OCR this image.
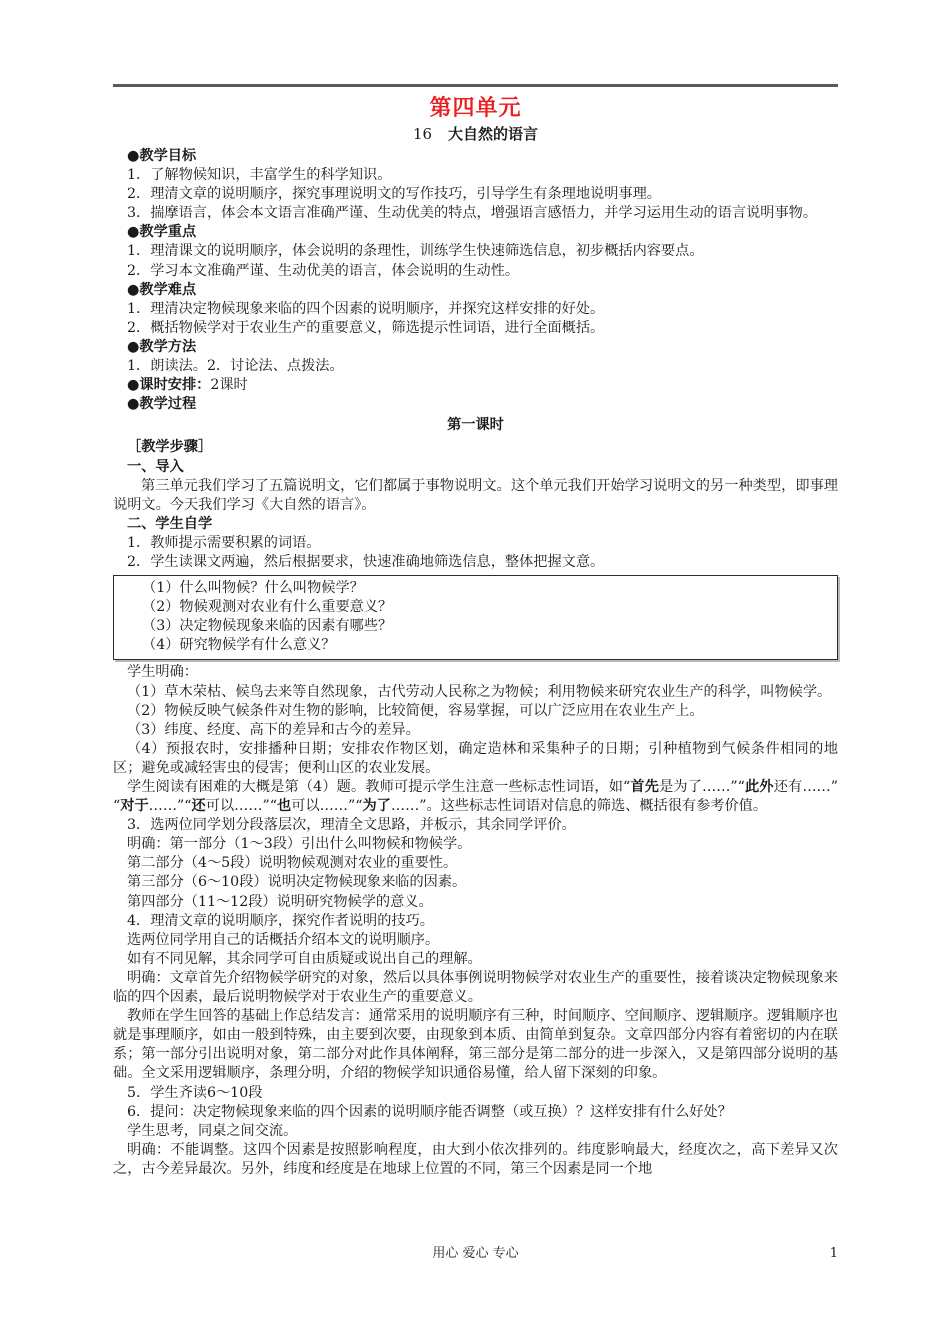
第四单元
16 大自然的语言

●教学目标

1．了解物候知识，丰富学生的科学知识。

2．理清文章的说明顺序，探究事理说明文的写作技巧，引导学生有条理地说明事理。

3．揣摩语言，体会本文语言准确严谨、生动优美的特点，增强语言感悟力，并学习运用生动的语言说明事物。

●教学重点

1．理清课文的说明顺序，体会说明的条理性，训练学生快速筛选信息，初步概括内容要点。

2．学习本文准确严谨、生动优美的语言，体会说明的生动性。

●教学难点

1．理清决定物候现象来临的四个因素的说明顺序，并探究这样安排的好处。

2．概括物候学对于农业生产的重要意义，筛选提示性词语，进行全面概括。

●教学方法

1．朗读法。2．讨论法、点拨法。

●课时安排：2课时

●教学过程

第一课时

［教学步骤］

一、导入

第三单元我们学习了五篇说明文，它们都属于事物说明文。这个单元我们开始学习说明文的另一种类型，即事理说明文。今天我们学习《大自然的语言》。

二、学生自学

1．教师提示需要积累的词语。

2．学生读课文两遍，然后根据要求，快速准确地筛选信息，整体把握文意。

（1）什么叫物候？什么叫物候学？

（2）物候观测对农业有什么重要意义？

（3）决定物候现象来临的因素有哪些？

（4）研究物候学有什么意义？

学生明确：

（1）草木荣枯、候鸟去来等自然现象，古代劳动人民称之为物候；利用物候来研究农业生产的科学，叫物候学。

（2）物候反映气候条件对生物的影响，比较简便，容易掌握，可以广泛应用在农业生产上。

（3）纬度、经度、高下的差异和古今的差异。

（4）预报农时，安排播种日期；安排农作物区划，确定造林和采集种子的日期；引种植物到气候条件相同的地区；避免或减轻害虫的侵害；便利山区的农业发展。

学生阅读有困难的大概是第（4）题。教师可提示学生注意一些标志性词语，如“首先是为了……”“此外还有……”“对于……”“还可以……”“也可以……”“为了……”。这些标志性词语对信息的筛选、概括很有参考价值。

3．选两位同学划分段落层次，理清全文思路，并板示，其余同学评价。

明确：第一部分（1～3段）引出什么叫物候和物候学。

第二部分（4～5段）说明物候观测对农业的重要性。

第三部分（6～10段）说明决定物候现象来临的因素。

第四部分（11～12段）说明研究物候学的意义。

4．理清文章的说明顺序，探究作者说明的技巧。

选两位同学用自己的话概括介绍本文的说明顺序。

如有不同见解，其余同学可自由质疑或说出自己的理解。

明确：文章首先介绍物候学研究的对象，然后以具体事例说明物候学对农业生产的重要性，接着谈决定物候现象来临的四个因素，最后说明物候学对于农业生产的重要意义。

教师在学生回答的基础上作总结发言：通常采用的说明顺序有三种，时间顺序、空间顺序、逻辑顺序。逻辑顺序也就是事理顺序，如由一般到特殊，由主要到次要，由现象到本质、由简单到复杂。文章四部分内容有着密切的内在联系；第一部分引出说明对象，第二部分对此作具体阐释，第三部分是第二部分的进一步深入，又是第四部分说明的基础。全文采用逻辑顺序，条理分明，介绍的物候学知识通俗易懂，给人留下深刻的印象。

5．学生齐读6～10段

6．提问：决定物候现象来临的四个因素的说明顺序能否调整（或互换）？这样安排有什么好处？

学生思考，同桌之间交流。

明确：不能调整。这四个因素是按照影响程度，由大到小依次排列的。纬度影响最大，经度次之，高下差异又次之，古今差异最次。另外，纬度和经度是在地球上位置的不同，第三个因素是同一个地

用心 爱心 专心	1
